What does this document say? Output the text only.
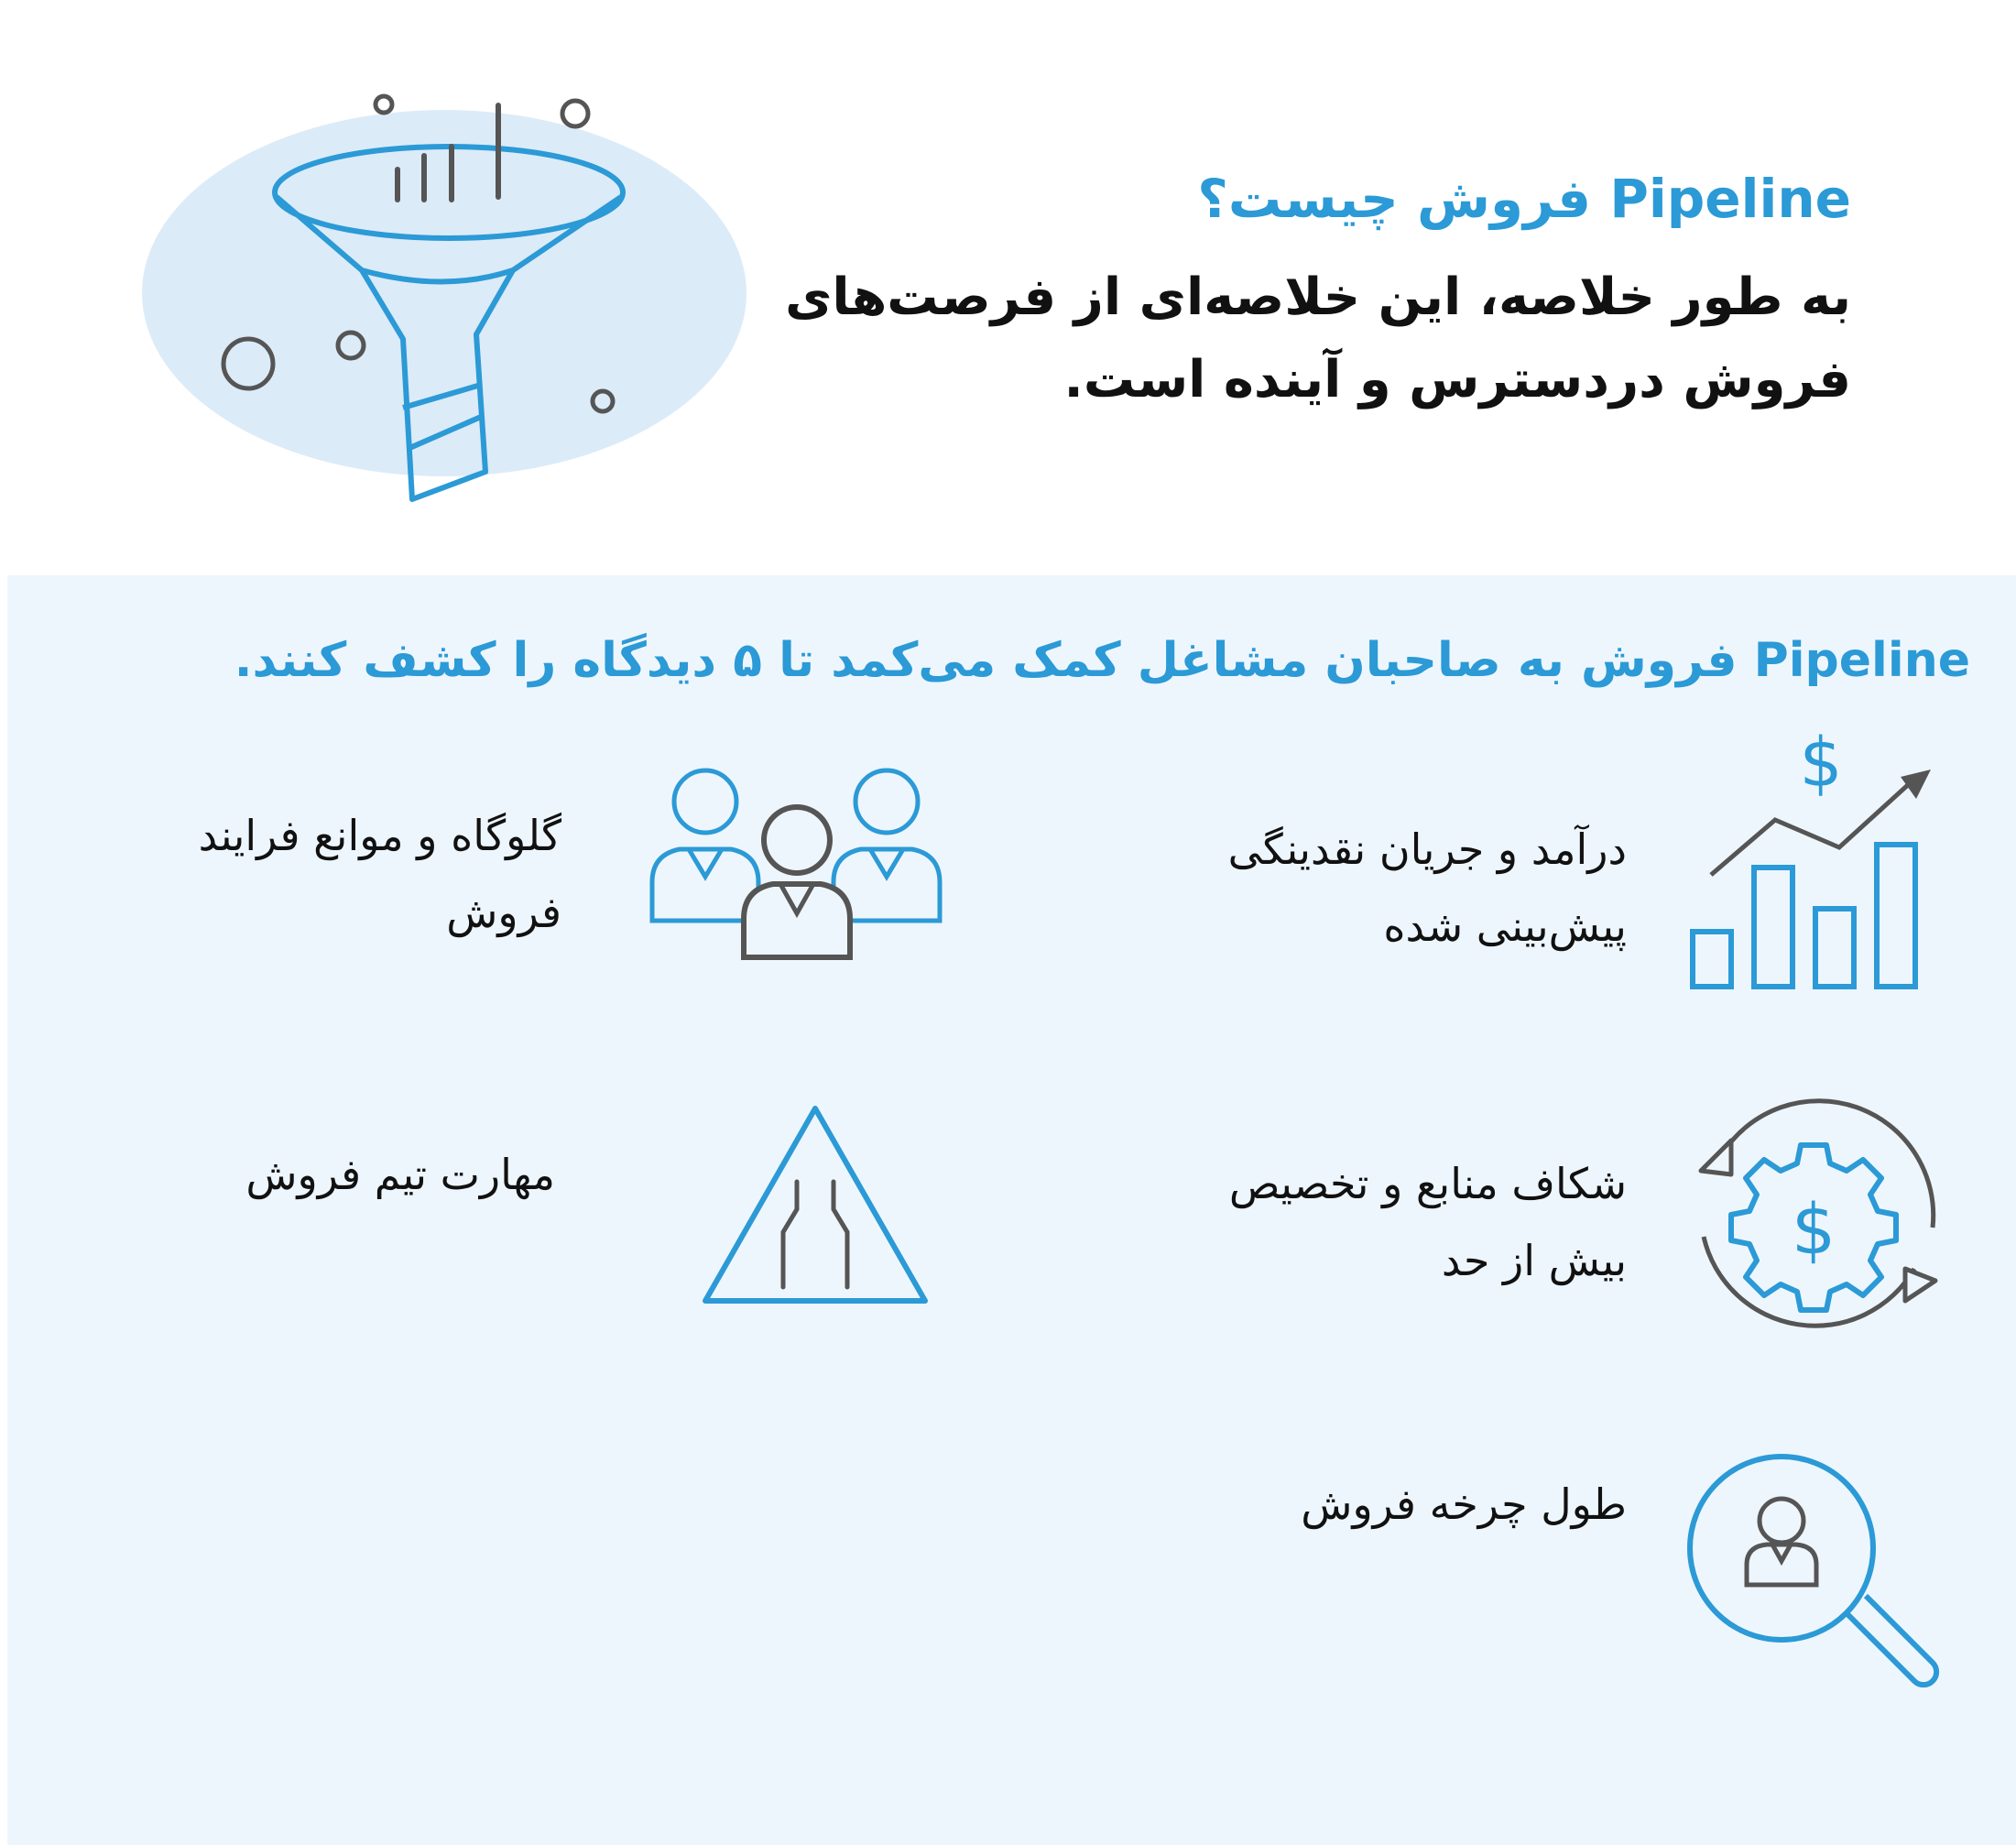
Pipeline فروش چیست؟
به طور خلاصه، این خلاصه‌ای از فرصت‌های
فروش دردسترس و آینده است.
Pipeline فروش به صاحبان مشاغل کمک می‌کمد تا ۵ دیدگاه را کشف کنند.
$
درآمد و جریان نقدینگی
پیش‌بینی شده
گلوگاه و موانع فرایند
فروش
$
شکاف منابع و تخصیص
بیش از حد
مهارت تیم فروش
طول چرخه فروش
